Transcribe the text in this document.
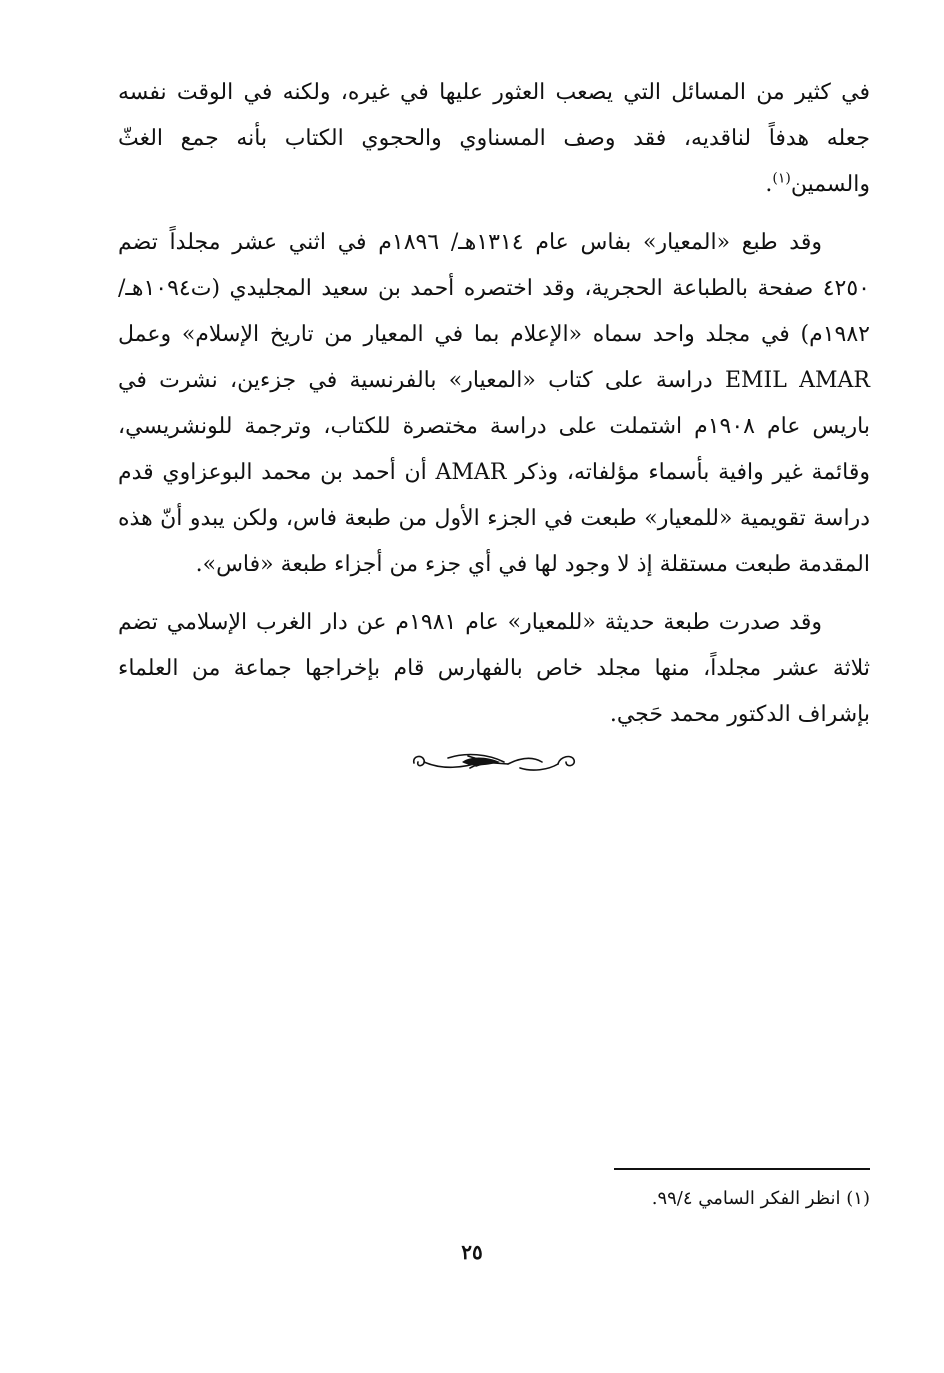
في كثير من المسائل التي يصعب العثور عليها في غيره، ولكنه في الوقت نفسه جعله هدفاً لناقديه، فقد وصف المسناوي والحجوي الكتاب بأنه جمع الغثّ والسمين$^{(١)}$.

وقد طبع «المعيار» بفاس عام ١٣١٤هـ/ ١٨٩٦م في اثني عشر مجلداً تضم ٤٢٥٠ صفحة بالطباعة الحجرية، وقد اختصره أحمد بن سعيد المجليدي (ت١٠٩٤هـ/ ١٩٨٢م) في مجلد واحد سماه «الإعلام بما في المعيار من تاريخ الإسلام» وعمل EMIL AMAR دراسة على كتاب «المعيار» بالفرنسية في جزءين، نشرت في باريس عام ١٩٠٨م اشتملت على دراسة مختصرة للكتاب، وترجمة للونشريسي، وقائمة غير وافية بأسماء مؤلفاته، وذكر AMAR أن أحمد بن محمد البوعزاوي قدم دراسة تقويمية «للمعيار» طبعت في الجزء الأول من طبعة فاس، ولكن يبدو أنّ هذه المقدمة طبعت مستقلة إذ لا وجود لها في أي جزء من أجزاء طبعة «فاس».

وقد صدرت طبعة حديثة «للمعيار» عام ١٩٨١م عن دار الغرب الإسلامي تضم ثلاثة عشر مجلداً، منها مجلد خاص بالفهارس قام بإخراجها جماعة من العلماء بإشراف الدكتور محمد حَجي.

(١) انظر الفكر السامي ٩٩/٤.

٢٥
